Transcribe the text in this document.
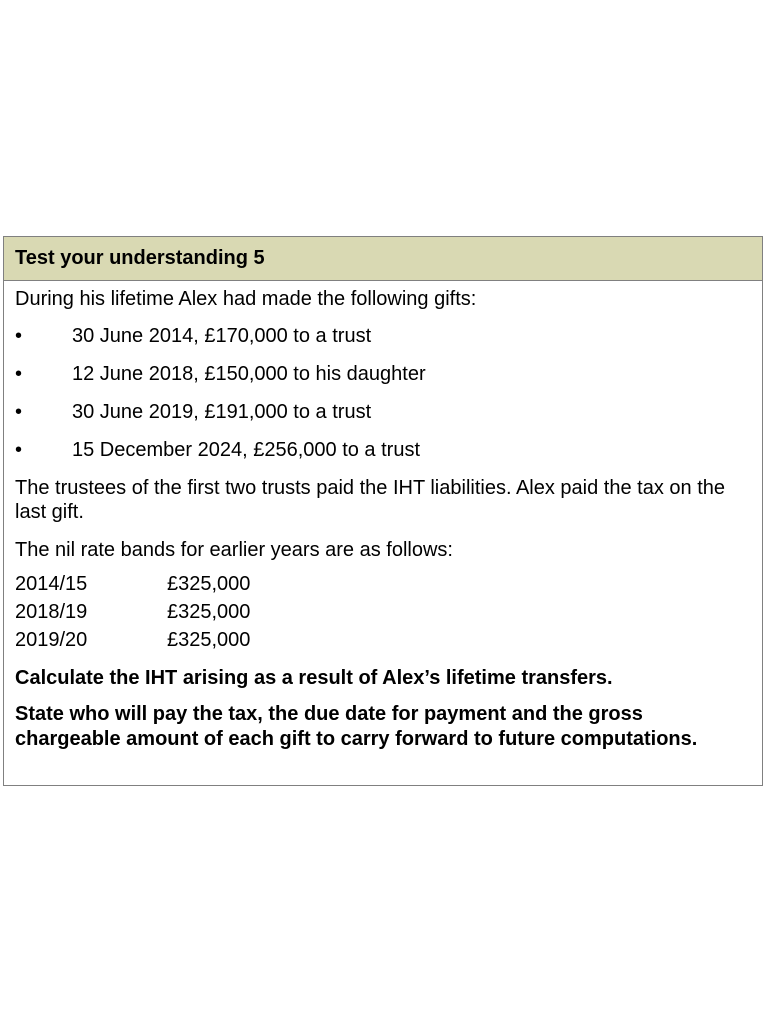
Test your understanding 5

During his lifetime Alex had made the following gifts:

•	30 June 2014, £170,000 to a trust
•	12 June 2018, £150,000 to his daughter
•	30 June 2019, £191,000 to a trust
•	15 December 2024, £256,000 to a trust

The trustees of the first two trusts paid the IHT liabilities. Alex paid the tax on the last gift.

The nil rate bands for earlier years are as follows:

2014/15	£325,000
2018/19	£325,000
2019/20	£325,000

Calculate the IHT arising as a result of Alex’s lifetime transfers.

State who will pay the tax, the due date for payment and the gross chargeable amount of each gift to carry forward to future computations.
